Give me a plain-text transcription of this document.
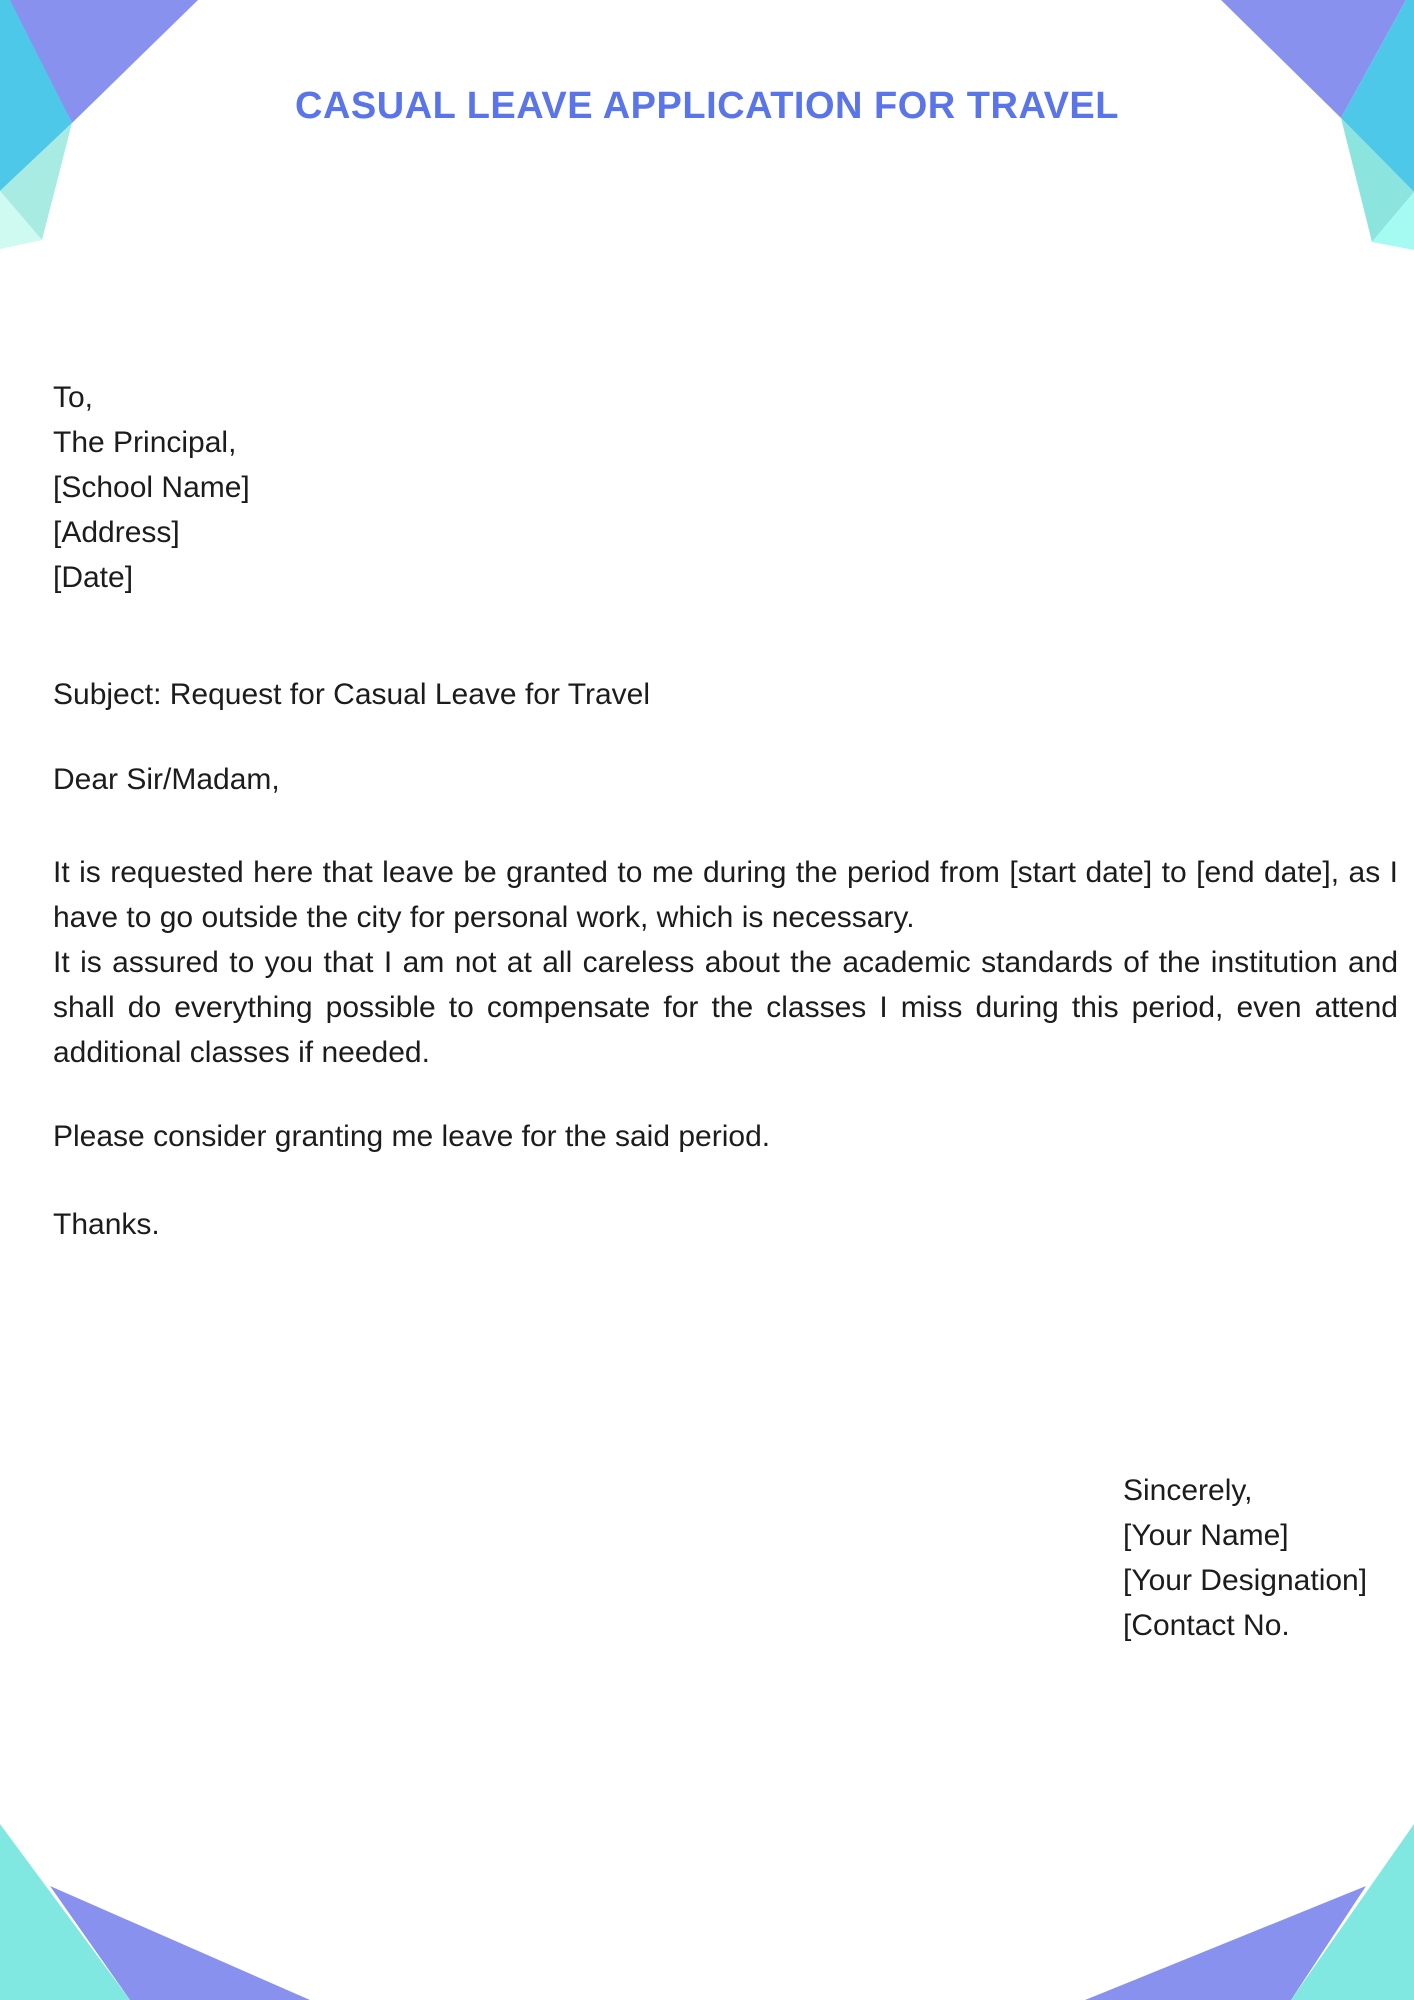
CASUAL LEAVE APPLICATION FOR TRAVEL
To,
The Principal,
[School Name]
[Address]
[Date]
Subject: Request for Casual Leave for Travel
Dear Sir/Madam,
It is requested here that leave be granted to me during the period from [start date] to [end date], as I
have to go outside the city for personal work, which is necessary.
It is assured to you that I am not at all careless about the academic standards of the institution and
shall do everything possible to compensate for the classes I miss during this period, even attend
additional classes if needed.
Please consider granting me leave for the said period.
Thanks.
Sincerely,
[Your Name]
[Your Designation]
[Contact No.
